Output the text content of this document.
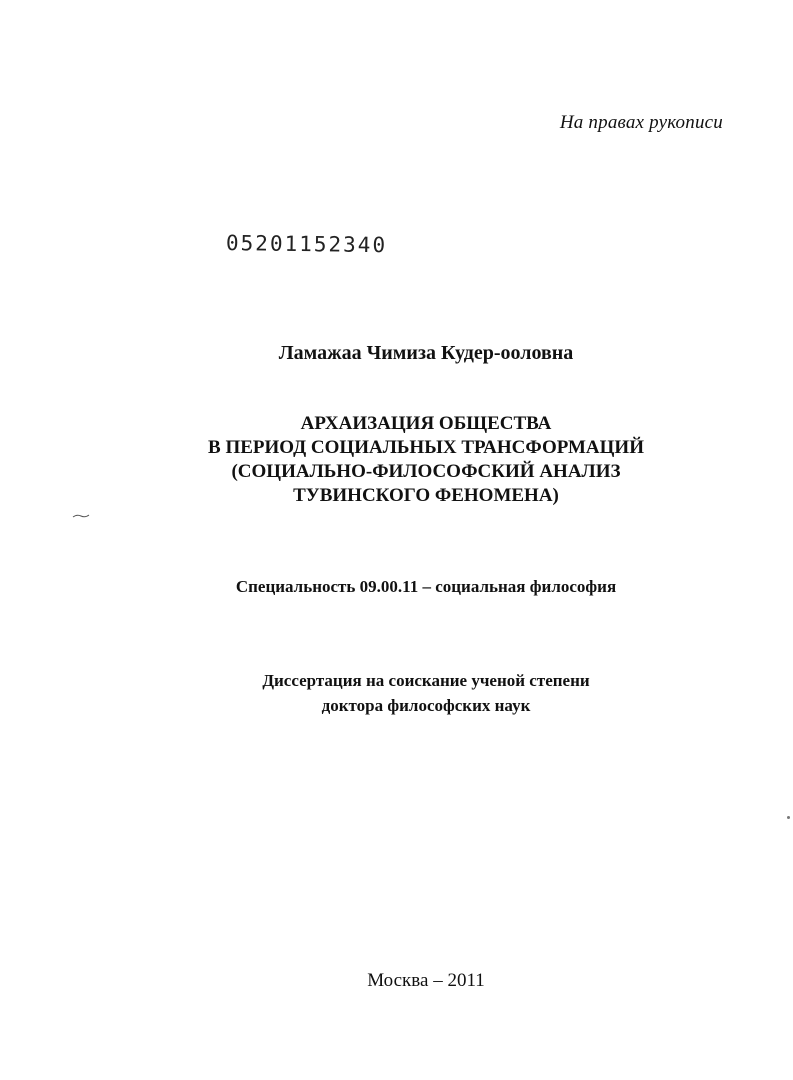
На правах рукописи
05201152340
Ламажаа Чимиза Кудер-ооловна
АРХАИЗАЦИЯ ОБЩЕСТВА
В ПЕРИОД СОЦИАЛЬНЫХ ТРАНСФОРМАЦИЙ
(СОЦИАЛЬНО-ФИЛОСОФСКИЙ АНАЛИЗ
ТУВИНСКОГО ФЕНОМЕНА)
Специальность 09.00.11 – социальная философия
Диссертация на соискание ученой степени
доктора философских наук
Москва – 2011
